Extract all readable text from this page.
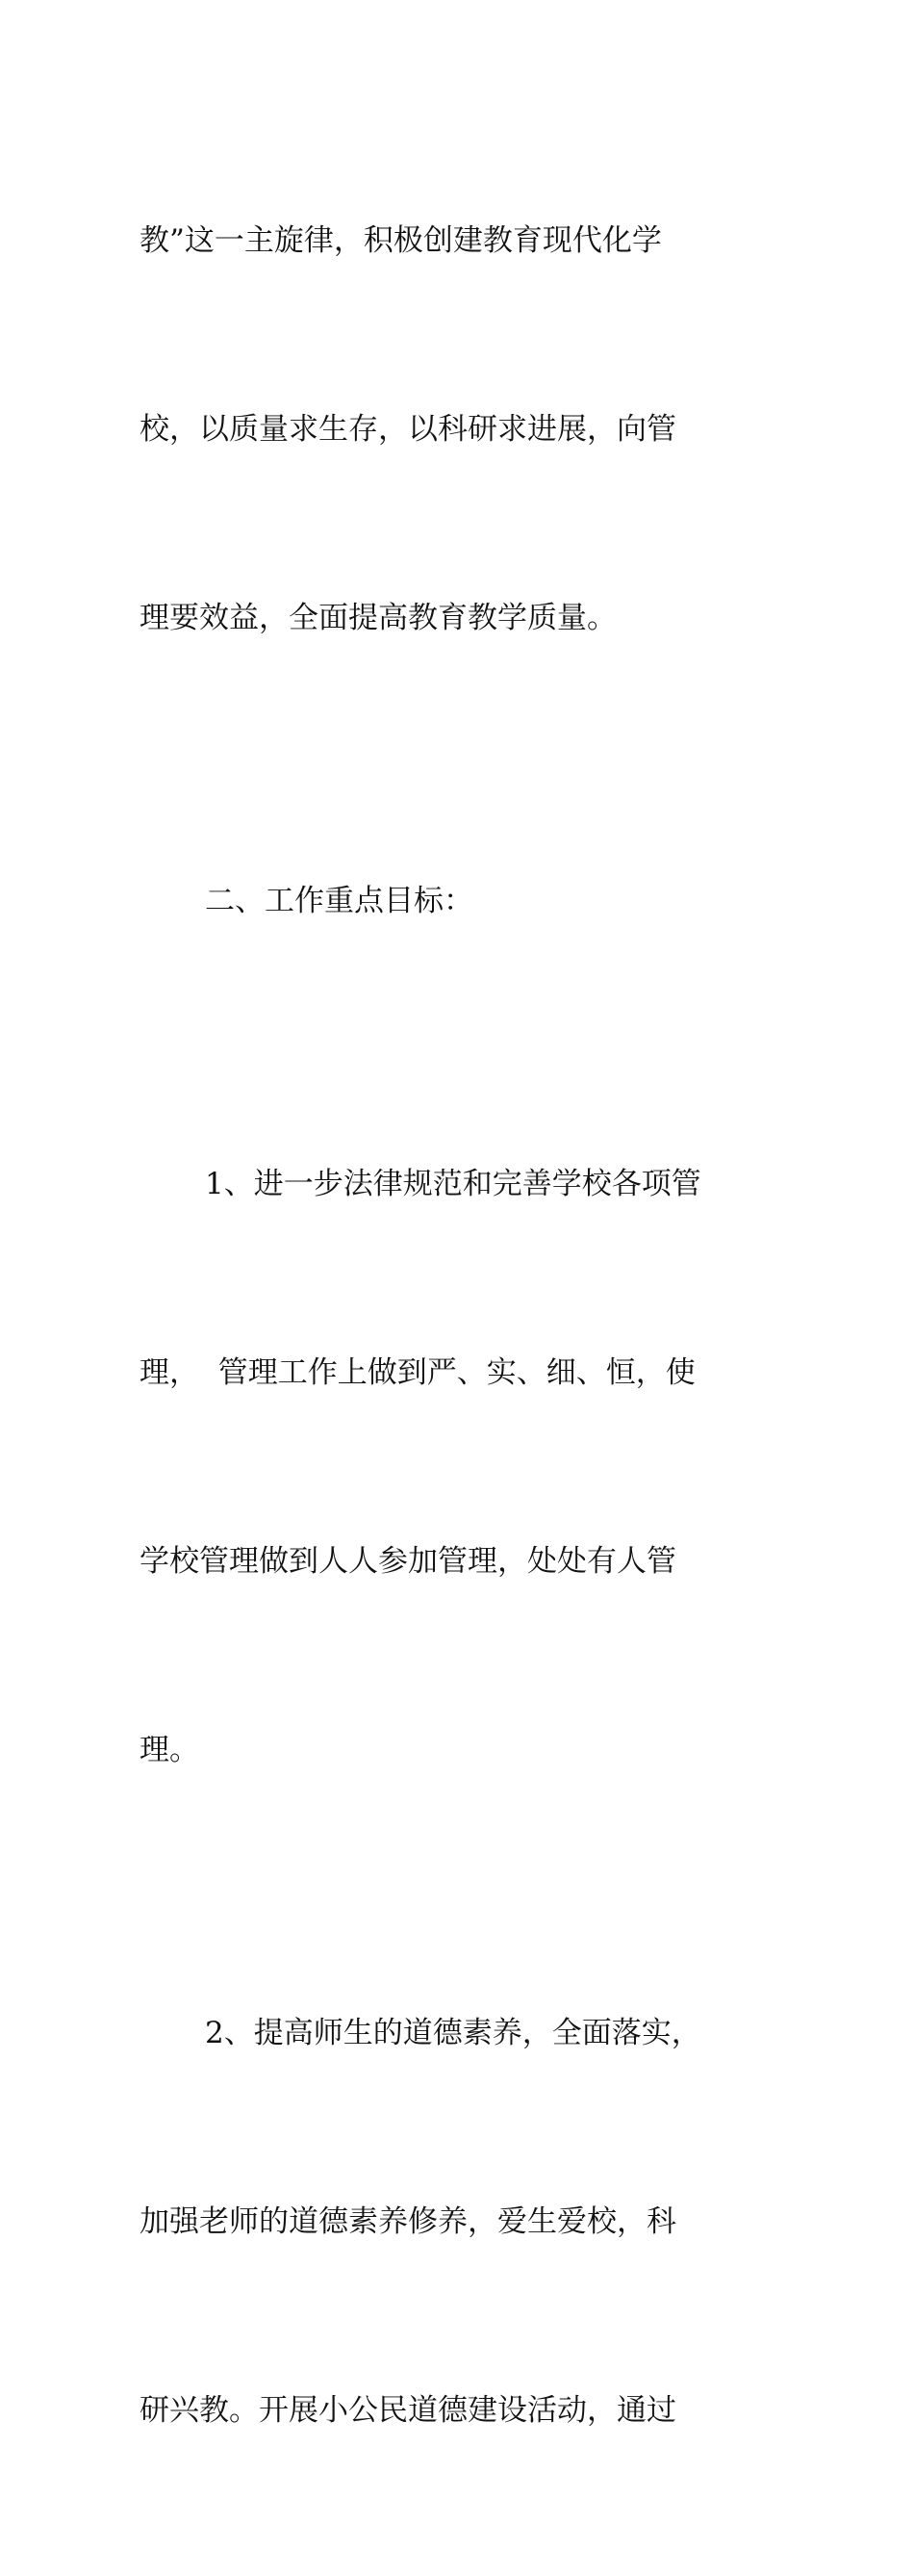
教”这一主旋律，积极创建教育现代化学

校，以质量求生存，以科研求进展，向管

理要效益，全面提高教育教学质量。

二、工作重点目标：

1、进一步法律规范和完善学校各项管

理，  管理工作上做到严、实、细、恒，使

学校管理做到人人参加管理，处处有人管

理。

2、提高师生的道德素养，全面落实，

加强老师的道德素养修养，爱生爱校，科

研兴教。开展小公民道德建设活动，通过
